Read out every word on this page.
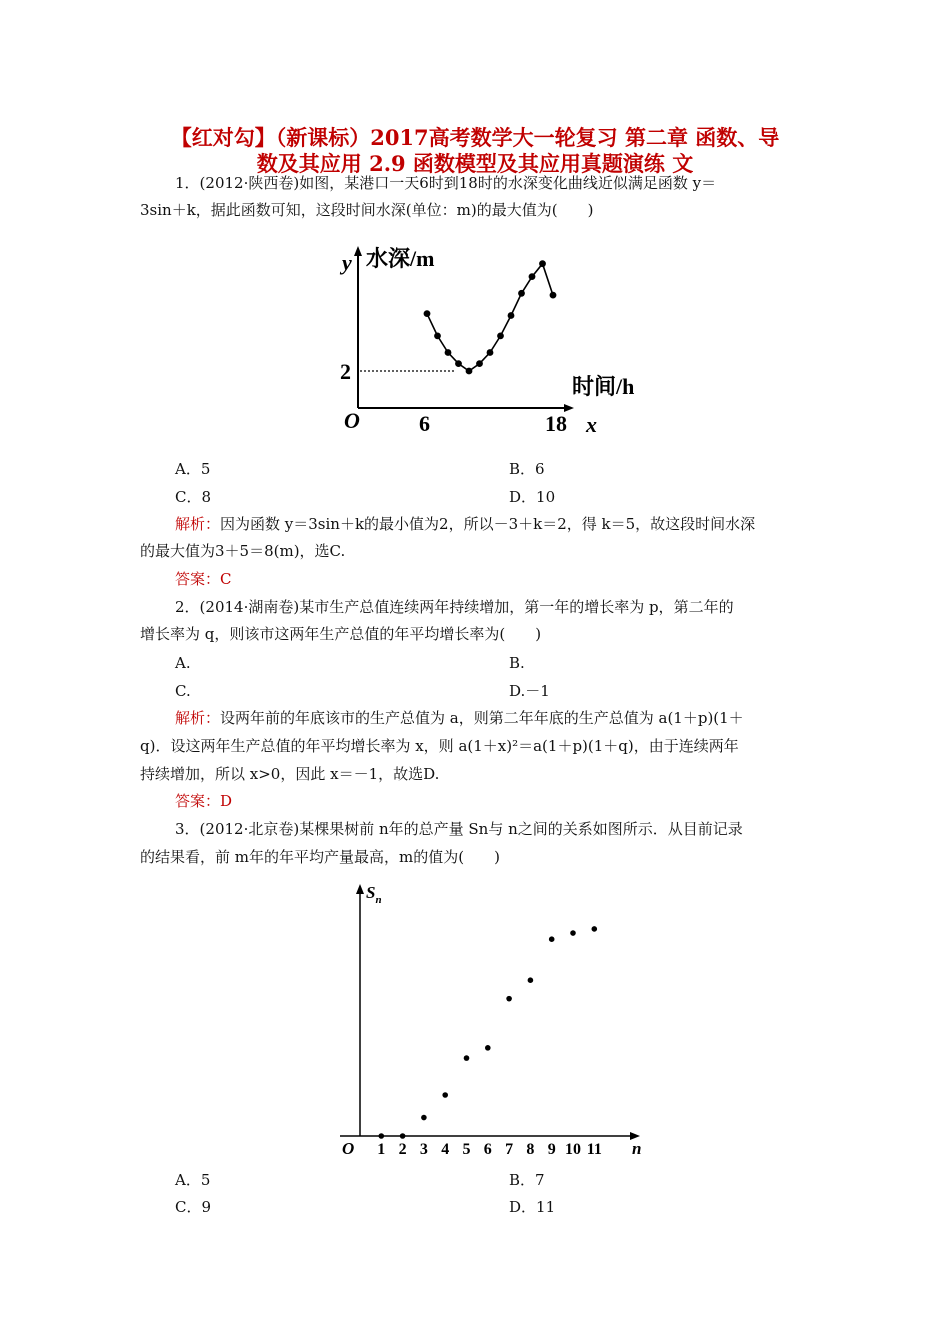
【红对勾】（新课标）2017高考数学大一轮复习 第二章 函数、导
数及其应用 2.9 函数模型及其应用真题演练 文
1．(2012·陕西卷)如图，某港口一天6时到18时的水深变化曲线近似满足函数 y＝
3sin＋k，据此函数可知，这段时间水深(单位：m)的最大值为(　　)
y 水深/m
时间/h
x
O
2
6	18
A．5	B．6
C．8	D．10
解析：因为函数 y＝3sin＋k的最小值为2，所以－3＋k＝2，得 k＝5，故这段时间水深
的最大值为3＋5＝8(m)，选C.
答案：C
2．(2014·湖南卷)某市生产总值连续两年持续增加，第一年的增长率为 p，第二年的
增长率为 q，则该市这两年生产总值的年平均增长率为(　　)
A.	B.
C.	D.－1
解析：设两年前的年底该市的生产总值为 a，则第二年年底的生产总值为 a(1＋p)(1＋
q)．设这两年生产总值的年平均增长率为 x，则 a(1＋x)²＝a(1＋p)(1＋q)，由于连续两年
持续增加，所以 x>0，因此 x＝－1，故选D.
答案：D
3．(2012·北京卷)某棵果树前 n年的总产量 Sn与 n之间的关系如图所示．从目前记录
的结果看，前 m年的年平均产量最高，m的值为(　　)
$S_n$
O	n
1 2 3 4 5 6 7 8 9 10 11
A．5	B．7
C．9	D．11
